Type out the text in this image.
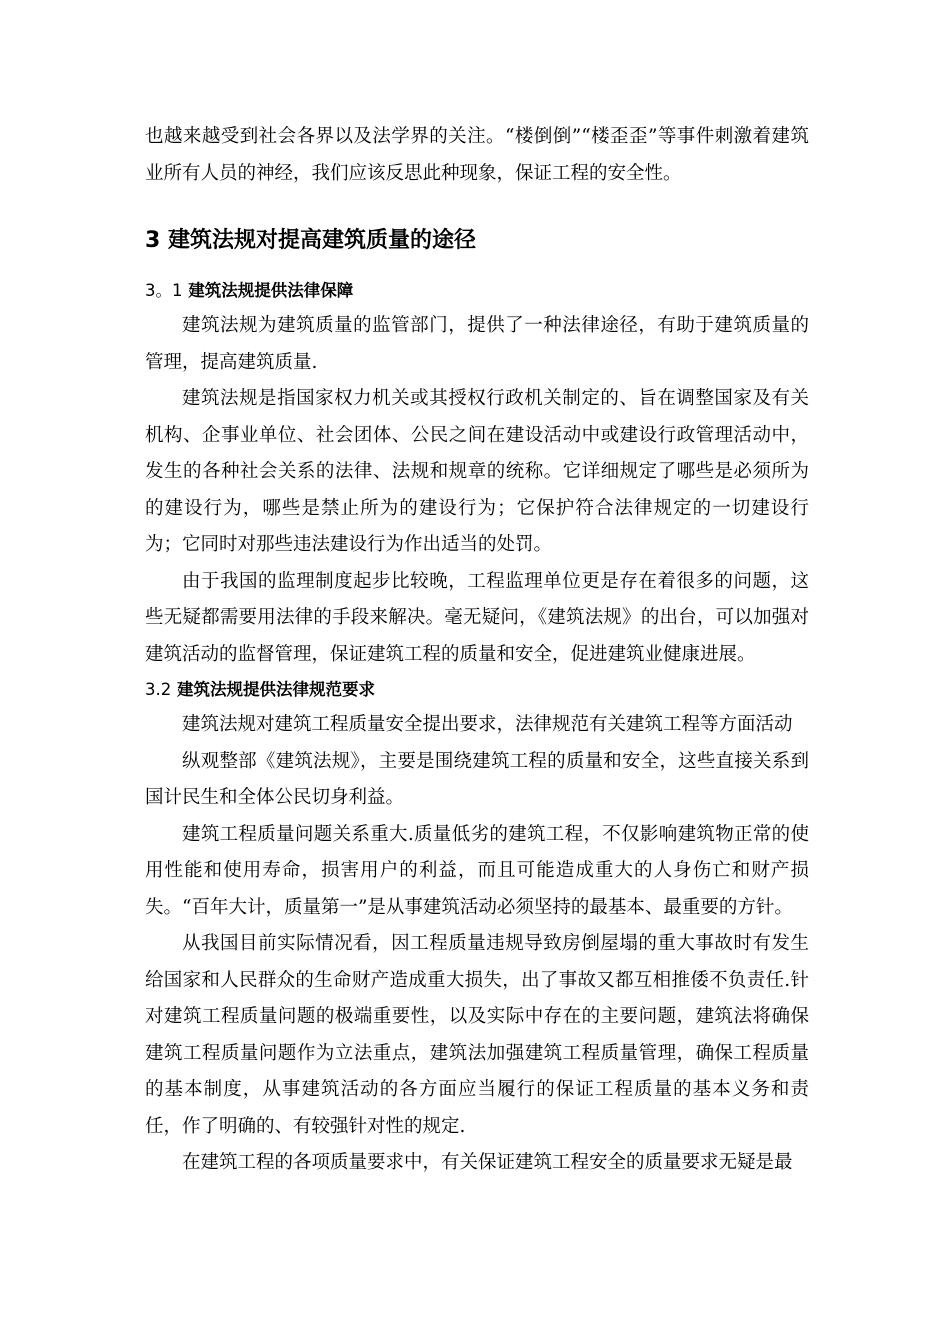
也越来越受到社会各界以及法学界的关注。“楼倒倒”“楼歪歪”等事件刺激着建筑业所有人员的神经，我们应该反思此种现象，保证工程的安全性。

3 建筑法规对提高建筑质量的途径
3。1 建筑法规提供法律保障

建筑法规为建筑质量的监管部门，提供了一种法律途径，有助于建筑质量的管理，提高建筑质量.

建筑法规是指国家权力机关或其授权行政机关制定的、旨在调整国家及有关机构、企事业单位、社会团体、公民之间在建设活动中或建设行政管理活动中，发生的各种社会关系的法律、法规和规章的统称。它详细规定了哪些是必须所为的建设行为，哪些是禁止所为的建设行为；它保护符合法律规定的一切建设行为；它同时对那些违法建设行为作出适当的处罚。

由于我国的监理制度起步比较晚，工程监理单位更是存在着很多的问题，这些无疑都需要用法律的手段来解决。毫无疑问，《建筑法规》的出台，可以加强对建筑活动的监督管理，保证建筑工程的质量和安全，促进建筑业健康进展。

3.2 建筑法规提供法律规范要求

建筑法规对建筑工程质量安全提出要求，法律规范有关建筑工程等方面活动

纵观整部《建筑法规》，主要是围绕建筑工程的质量和安全，这些直接关系到国计民生和全体公民切身利益。

建筑工程质量问题关系重大.质量低劣的建筑工程，不仅影响建筑物正常的使用性能和使用寿命，损害用户的利益，而且可能造成重大的人身伤亡和财产损失。“百年大计，质量第一”是从事建筑活动必须坚持的最基本、最重要的方针。

从我国目前实际情况看，因工程质量违规导致房倒屋塌的重大事故时有发生给国家和人民群众的生命财产造成重大损失，出了事故又都互相推倭不负责任.针对建筑工程质量问题的极端重要性，以及实际中存在的主要问题，建筑法将确保建筑工程质量问题作为立法重点，建筑法加强建筑工程质量管理，确保工程质量的基本制度，从事建筑活动的各方面应当履行的保证工程质量的基本义务和责任，作了明确的、有较强针对性的规定.

在建筑工程的各项质量要求中，有关保证建筑工程安全的质量要求无疑是最
